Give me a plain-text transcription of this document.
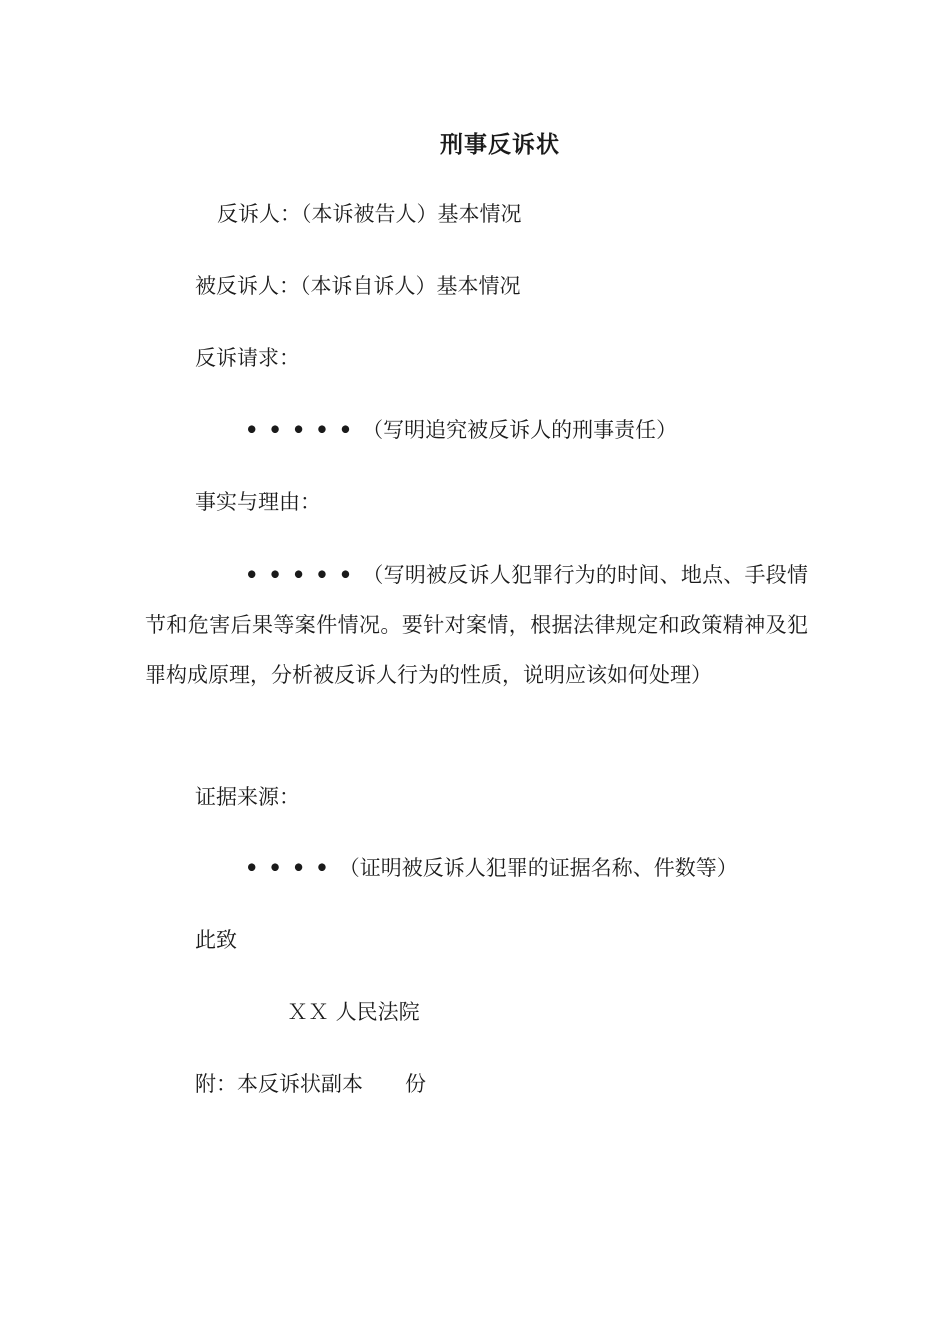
刑事反诉状
反诉人：（本诉被告人）基本情况
被反诉人：（本诉自诉人）基本情况
反诉请求：
•••••（写明追究被反诉人的刑事责任）
事实与理由：
•••••（写明被反诉人犯罪行为的时间、地点、手段情节和危害后果等案件情况。要针对案情，根据法律规定和政策精神及犯罪构成原理，分析被反诉人行为的性质，说明应该如何处理）
证据来源：
••••（证明被反诉人犯罪的证据名称、件数等）
此致
ＸＸ 人民法院
附：本反诉状副本　　份
